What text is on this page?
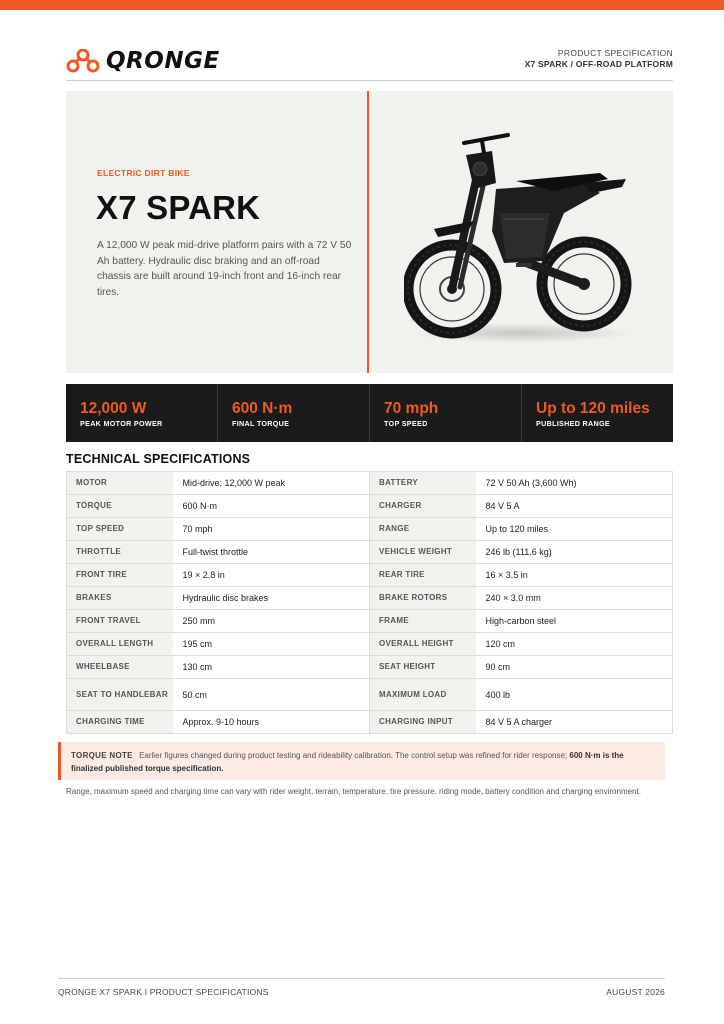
QRONGE	PRODUCT SPECIFICATION
X7 SPARK / OFF-ROAD PLATFORM
ELECTRIC DIRT BIKE
X7 SPARK
A 12,000 W peak mid-drive platform pairs with a 72 V 50 Ah battery. Hydraulic disc braking and an off-road chassis are built around 19-inch front and 16-inch rear tires.
12,000 W
PEAK MOTOR POWER
600 N·m
FINAL TORQUE
70 mph
TOP SPEED
Up to 120 miles
PUBLISHED RANGE
TECHNICAL SPECIFICATIONS
MOTOR	Mid-drive; 12,000 W peak	BATTERY	72 V 50 Ah (3,600 Wh)
TORQUE	600 N·m	CHARGER	84 V 5 A
TOP SPEED	70 mph	RANGE	Up to 120 miles
THROTTLE	Full-twist throttle	VEHICLE WEIGHT	246 lb (111.6 kg)
FRONT TIRE	19 × 2.8 in	REAR TIRE	16 × 3.5 in
BRAKES	Hydraulic disc brakes	BRAKE ROTORS	240 × 3.0 mm
FRONT TRAVEL	250 mm	FRAME	High-carbon steel
OVERALL LENGTH	195 cm	OVERALL HEIGHT	120 cm
WHEELBASE	130 cm	SEAT HEIGHT	90 cm
SEAT TO HANDLEBAR	50 cm	MAXIMUM LOAD	400 lb
CHARGING TIME	Approx. 9-10 hours	CHARGING INPUT	84 V 5 A charger
TORQUE NOTE Earlier figures changed during product testing and rideability calibration. The control setup was refined for rider response; 600 N·m is the finalized published torque specification.
Range, maximum speed and charging time can vary with rider weight, terrain, temperature, tire pressure, riding mode, battery condition and charging environment.
QRONGE X7 SPARK I PRODUCT SPECIFICATIONS	AUGUST 2026
